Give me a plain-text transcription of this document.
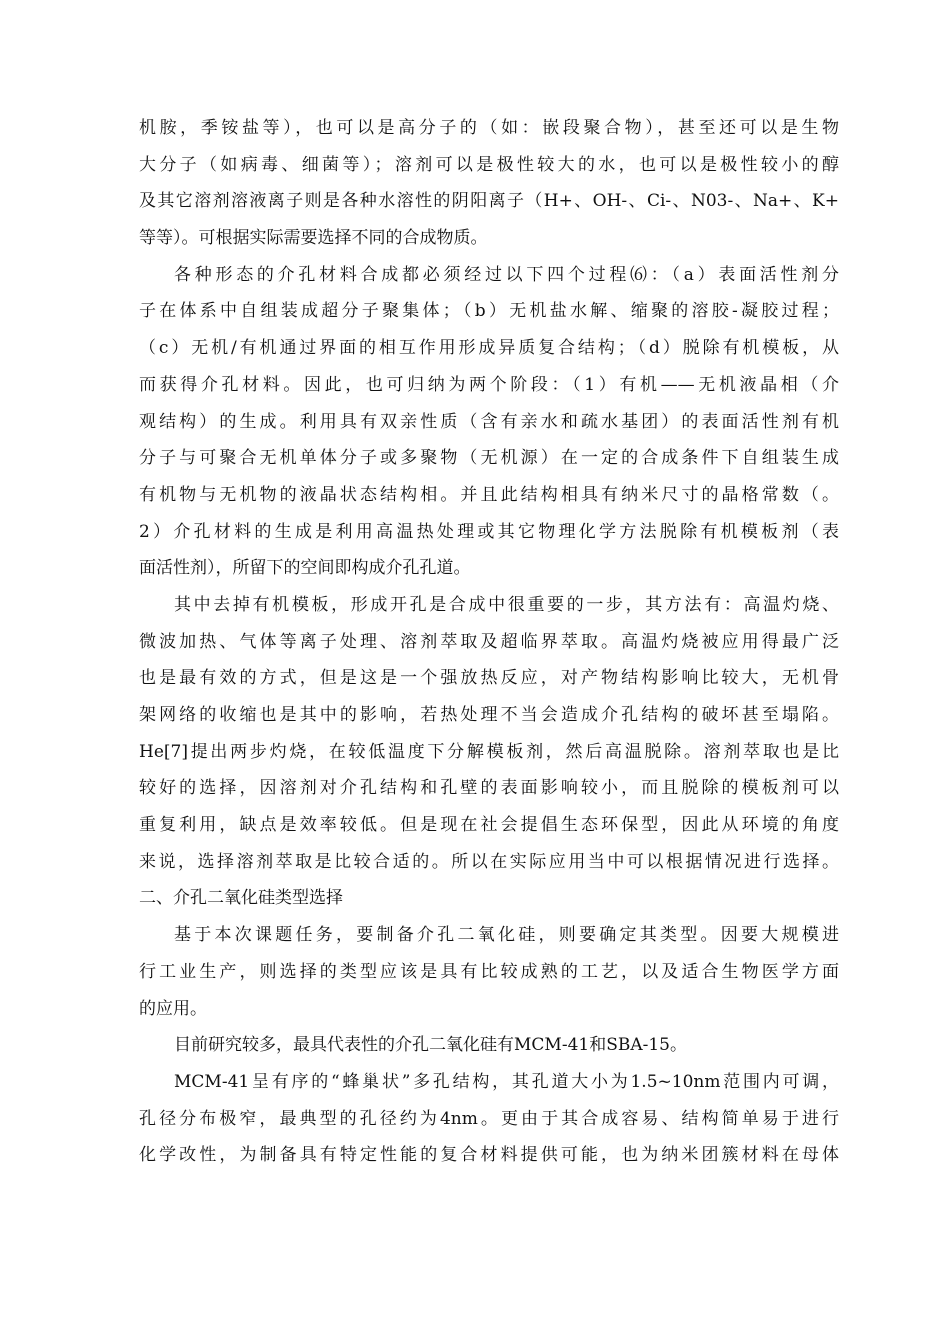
机胺，季铵盐等），也可以是高分子的（如：嵌段聚合物），甚至还可以是生物
大分子（如病毒、细菌等）；溶剂可以是极性较大的水，也可以是极性较小的醇
及其它溶剂溶液离子则是各种水溶性的阴阳离子（H+、OH-、Ci-、N03-、Na+、K+
等等）。可根据实际需要选择不同的合成物质。
各种形态的介孔材料合成都必须经过以下四个过程⑹：（a）表面活性剂分
子在体系中自组装成超分子聚集体；（b）无机盐水解、缩聚的溶胶-凝胶过程；
（c）无机/有机通过界面的相互作用形成异质复合结构；（d）脱除有机模板，从
而获得介孔材料。因此，也可归纳为两个阶段：（1）有机——无机液晶相（介
观结构）的生成。利用具有双亲性质（含有亲水和疏水基团）的表面活性剂有机
分子与可聚合无机单体分子或多聚物（无机源）在一定的合成条件下自组装生成
有机物与无机物的液晶状态结构相。并且此结构相具有纳米尺寸的晶格常数（。
2）介孔材料的生成是利用高温热处理或其它物理化学方法脱除有机模板剂（表
面活性剂），所留下的空间即构成介孔孔道。
其中去掉有机模板，形成开孔是合成中很重要的一步，其方法有：高温灼烧、
微波加热、气体等离子处理、溶剂萃取及超临界萃取。高温灼烧被应用得最广泛
也是最有效的方式，但是这是一个强放热反应，对产物结构影响比较大，无机骨
架网络的收缩也是其中的影响，若热处理不当会造成介孔结构的破坏甚至塌陷。
He[7]提出两步灼烧，在较低温度下分解模板剂，然后高温脱除。溶剂萃取也是比
较好的选择，因溶剂对介孔结构和孔壁的表面影响较小，而且脱除的模板剂可以
重复利用，缺点是效率较低。但是现在社会提倡生态环保型，因此从环境的角度
来说，选择溶剂萃取是比较合适的。所以在实际应用当中可以根据情况进行选择。
二、介孔二氧化硅类型选择
基于本次课题任务，要制备介孔二氧化硅，则要确定其类型。因要大规模进
行工业生产，则选择的类型应该是具有比较成熟的工艺，以及适合生物医学方面
的应用。
目前研究较多，最具代表性的介孔二氧化硅有MCM-41和SBA-15。
MCM-41呈有序的“蜂巢状”多孔结构，其孔道大小为1.5~10nm范围内可调，
孔径分布极窄，最典型的孔径约为4nm。更由于其合成容易、结构简单易于进行
化学改性，为制备具有特定性能的复合材料提供可能，也为纳米团簇材料在母体
